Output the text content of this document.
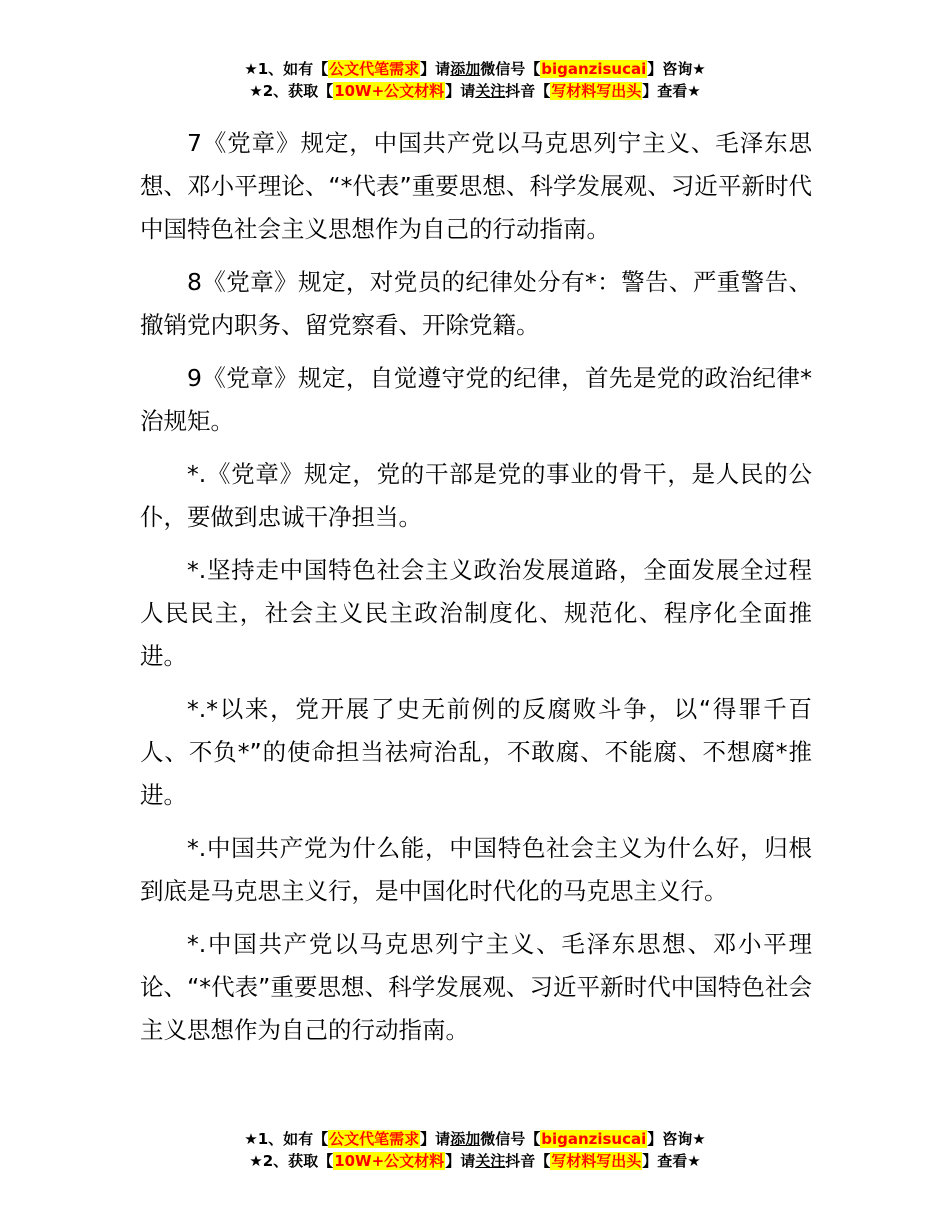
★1、如有【公文代笔需求】请添加微信号【biganzisucai】咨询★
★2、获取【10W+公文材料】请关注抖音【写材料写出头】查看★

7《党章》规定，中国共产党以马克思列宁主义、毛泽东思想、邓小平理论、“*代表”重要思想、科学发展观、习近平新时代中国特色社会主义思想作为自己的行动指南。

8《党章》规定，对党员的纪律处分有*：警告、严重警告、撤销党内职务、留党察看、开除党籍。

9《党章》规定，自觉遵守党的纪律，首先是党的政治纪律*治规矩。

*.《党章》规定，党的干部是党的事业的骨干，是人民的公仆，要做到忠诚干净担当。

*.坚持走中国特色社会主义政治发展道路，全面发展全过程人民民主，社会主义民主政治制度化、规范化、程序化全面推进。

*.*以来，党开展了史无前例的反腐败斗争，以“得罪千百人、不负*”的使命担当祛疴治乱，不敢腐、不能腐、不想腐*推进。

*.中国共产党为什么能，中国特色社会主义为什么好，归根到底是马克思主义行，是中国化时代化的马克思主义行。

*.中国共产党以马克思列宁主义、毛泽东思想、邓小平理论、“*代表”重要思想、科学发展观、习近平新时代中国特色社会主义思想作为自己的行动指南。

★1、如有【公文代笔需求】请添加微信号【biganzisucai】咨询★
★2、获取【10W+公文材料】请关注抖音【写材料写出头】查看★
